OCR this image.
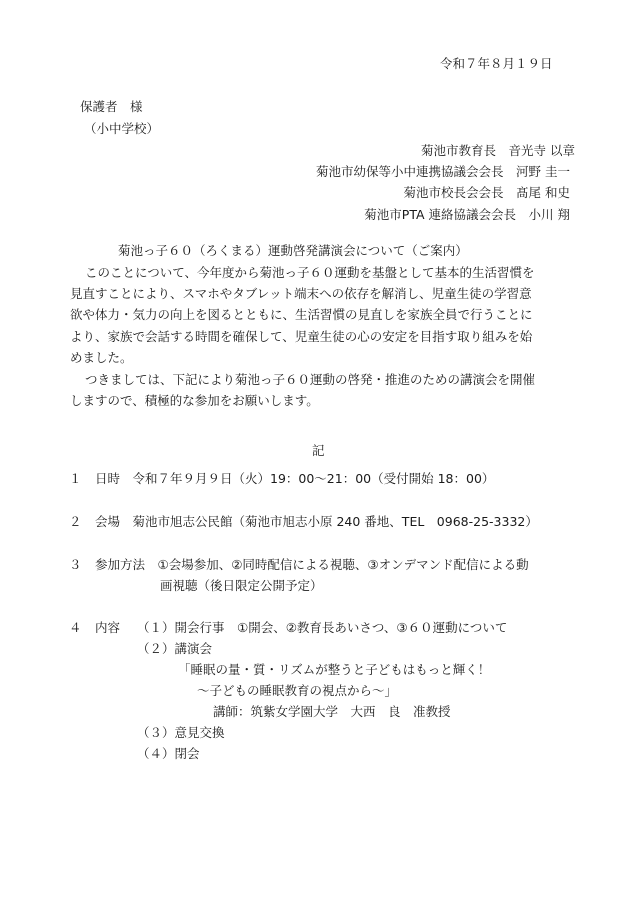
令和７年８月１９日
保護者　様
（小中学校）
菊池市教育長　音光寺 以章
菊池市幼保等小中連携協議会会長　河野 圭一
菊池市校長会会長　髙尾 和史
菊池市PTA 連絡協議会会長　小川 翔
菊池っ子６０（ろくまる）運動啓発講演会について（ご案内）
このことについて、今年度から菊池っ子６０運動を基盤として基本的生活習慣を
見直すことにより、スマホやタブレット端末への依存を解消し、児童生徒の学習意
欲や体力・気力の向上を図るとともに、生活習慣の見直しを家族全員で行うことに
より、家族で会話する時間を確保して、児童生徒の心の安定を目指す取り組みを始
めました。
つきましては、下記により菊池っ子６０運動の啓発・推進のための講演会を開催
しますので、積極的な参加をお願いします。
記
１ 日時　令和７年９月９日（火）19：00～21：00（受付開始 18：00）
２ 会場　菊池市旭志公民館（菊池市旭志小原 240 番地、TEL　0968-25-3332）
３ 参加方法　①会場参加、②同時配信による視聴、③オンデマンド配信による動
画視聴（後日限定公開予定）
４ 内容 （１）開会行事　①開会、②教育長あいさつ、③６０運動について
（２）講演会
「睡眠の量・質・リズムが整うと子どもはもっと輝く！
～子どもの睡眠教育の視点から～」
講師：筑紫女学園大学　大西　良　准教授
（３）意見交換
（４）閉会
